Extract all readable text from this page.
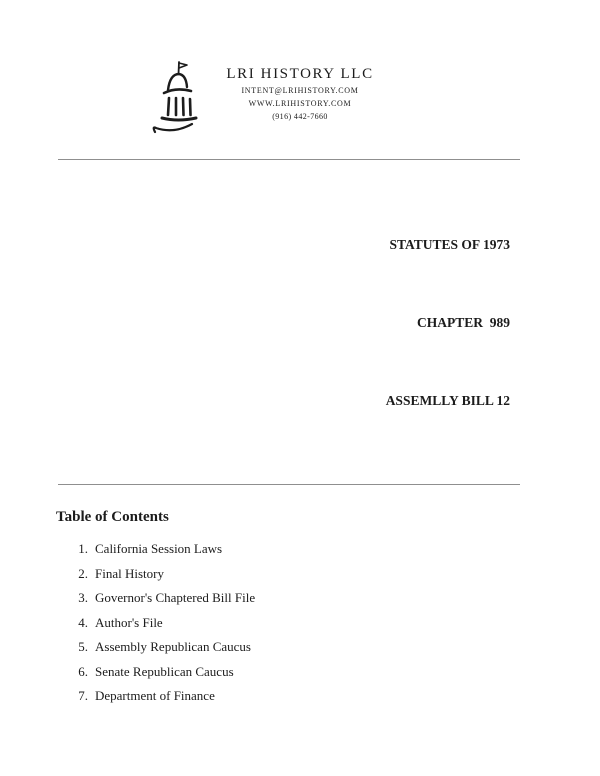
LRI HISTORY LLC
INTENT@LRIHISTORY.COM
WWW.LRIHISTORY.COM
(916) 442-7660

STATUTES OF 1973

CHAPTER  989

ASSEMLLY BILL 12

Table of Contents
1. California Session Laws
2. Final History
3. Governor's Chaptered Bill File
4. Author's File
5. Assembly Republican Caucus
6. Senate Republican Caucus
7. Department of Finance
